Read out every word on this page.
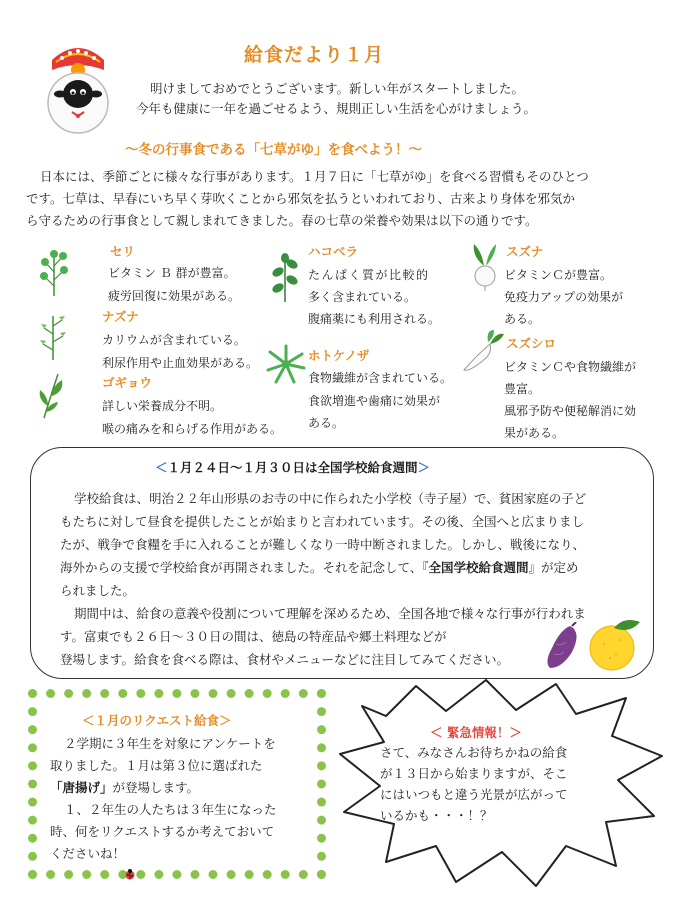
給食だより１月
明けましておめでとうございます。新しい年がスタートしました。
今年も健康に一年を過ごせるよう、規則正しい生活を心がけましょう。
～冬の行事食である「七草がゆ」を食べよう！～
日本には、季節ごとに様々な行事があります。１月７日に「七草がゆ」を食べる習慣もそのひとつ
です。七草は、早春にいち早く芽吹くことから邪気を払うといわれており、古来より身体を邪気か
ら守るための行事食として親しまれてきました。春の七草の栄養や効果は以下の通りです。
セリ
ビタミン Ｂ 群が豊富。
疲労回復に効果がある。
ナズナ
カリウムが含まれている。
利尿作用や止血効果がある。
ゴギョウ
詳しい栄養成分不明。
喉の痛みを和らげる作用がある。
ハコベラ
たんぱく質が比較的
多く含まれている。
腹痛薬にも利用される。
ホトケノザ
食物繊維が含まれている。
食欲増進や歯痛に効果が
ある。
スズナ
ビタミンＣが豊富。
免疫力アップの効果が
ある。
スズシロ
ビタミンＣや食物繊維が
豊富。
風邪予防や便秘解消に効
果がある。
＜１月２４日～１月３０日は全国学校給食週間＞
学校給食は、明治２２年山形県のお寺の中に作られた小学校（寺子屋）で、貧困家庭の子ど
もたちに対して昼食を提供したことが始まりと言われています。その後、全国へと広まりまし
たが、戦争で食糧を手に入れることが難しくなり一時中断されました。しかし、戦後になり、
海外からの支援で学校給食が再開されました。それを記念して、『全国学校給食週間』が定め
られました。
期間中は、給食の意義や役割について理解を深めるため、全国各地で様々な行事が行われま
す。富東でも２６日～３０日の間は、徳島の特産品や郷土料理などが
登場します。給食を食べる際は、食材やメニューなどに注目してみてください。
＜１月のリクエスト給食＞
２学期に３年生を対象にアンケートを
取りました。１月は第３位に選ばれた
「唐揚げ」が登場します。
１、２年生の人たちは３年生になった
時、何をリクエストするか考えておいて
くださいね！
＜ 緊急情報！＞
さて、みなさんお待ちかねの給食
が１３日から始まりますが、そこ
にはいつもと違う光景が広がって
いるかも・・・！？
